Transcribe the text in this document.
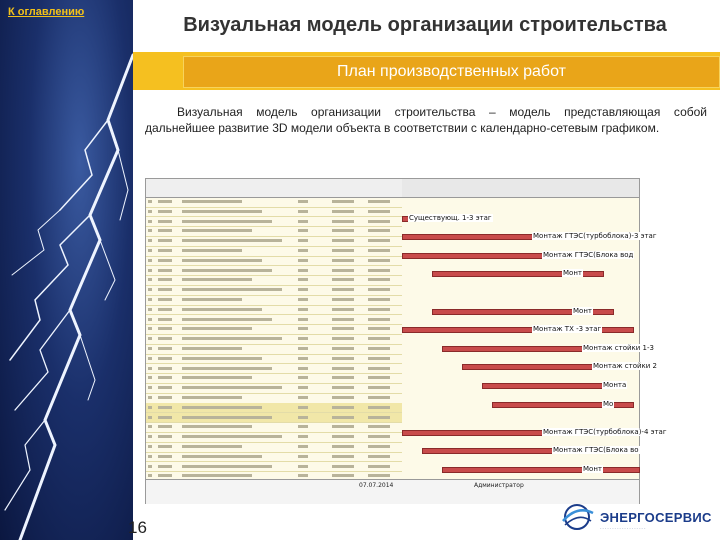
К оглавлению
Визуальная модель организации строительства
План производственных работ
Визуальная модель организации строительства – модель представляющая собой дальнейшее развитие 3D модели объекта в соответствии с календарно-сетевым графиком.
Существующ. 1-3 этаг
Монтаж ГТЭС(турбоблока)-3 этаг
Монтаж ГТЭС(Блока вод
Монт
Монт
Монтаж ТХ -3 этаг
Монтаж стойки 1-3
Монтаж стойки 2
Монта
Мо
Монтаж ГТЭС(турбоблока)-4 этаг
Монтаж ГТЭС(Блока во
Монт
07.07.2014	Администратор
16
ЭНЕРГОСЕРВИС
- - - - - - - - - - - - - - - - - - -
